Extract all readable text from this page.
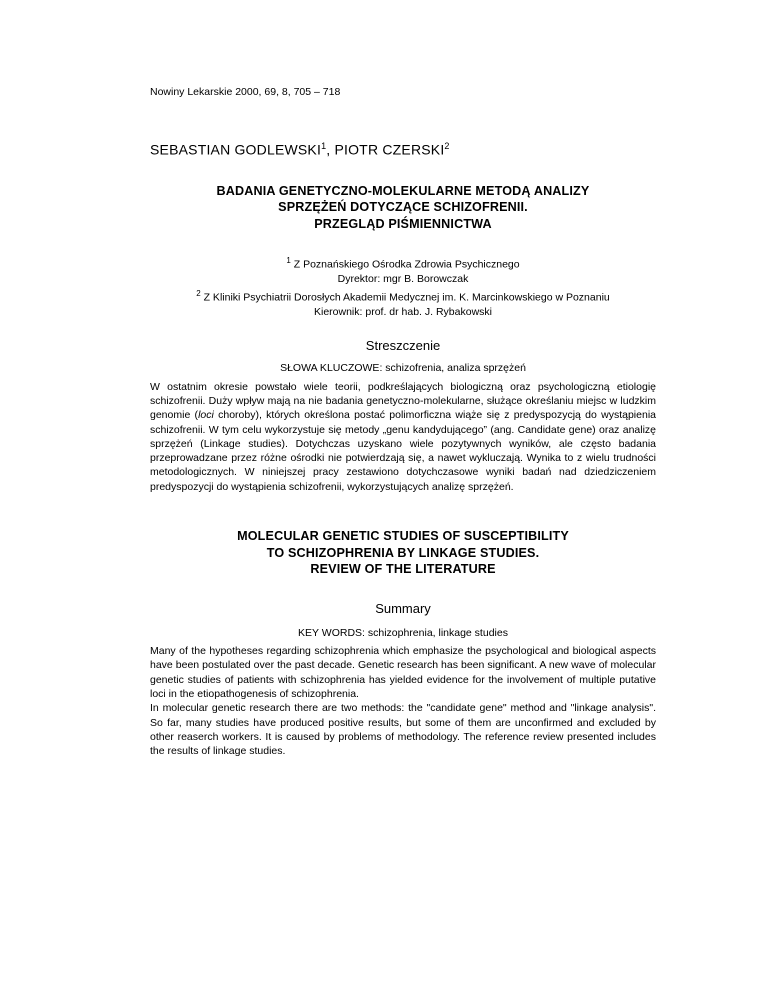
Nowiny Lekarskie 2000, 69, 8, 705 – 718
SEBASTIAN GODLEWSKI$^1$, PIOTR CZERSKI$^2$
BADANIA GENETYCZNO-MOLEKULARNE METODĄ ANALIZY
SPRZĘŻEŃ DOTYCZĄCE SCHIZOFRENII.
PRZEGLĄD PIŚMIENNICTWA
$^1$ Z Poznańskiego Ośrodka Zdrowia Psychicznego
Dyrektor: mgr B. Borowczak
$^2$ Z Kliniki Psychiatrii Dorosłych Akademii Medycznej im. K. Marcinkowskiego w Poznaniu
Kierownik: prof. dr hab. J. Rybakowski
Streszczenie
SŁOWA KLUCZOWE: schizofrenia, analiza sprzężeń

W ostatnim okresie powstało wiele teorii, podkreślających biologiczną oraz psychologiczną etiologię schizofrenii. Duży wpływ mają na nie badania genetyczno-molekularne, służące określaniu miejsc w ludzkim genomie (loci choroby), których określona postać polimorficzna wiąże się z predyspozycją do wystąpienia schizofrenii. W tym celu wykorzystuje się metody „genu kandydującego” (ang. Candidate gene) oraz analizę sprzężeń (Linkage studies). Dotychczas uzyskano wiele pozytywnych wyników, ale często badania przeprowadzane przez różne ośrodki nie potwierdzają się, a nawet wykluczają. Wynika to z wielu trudności metodologicznych. W niniejszej pracy zestawiono dotychczasowe wyniki badań nad dziedziczeniem predyspozycji do wystąpienia schizofrenii, wykorzystujących analizę sprzężeń.

MOLECULAR GENETIC STUDIES OF SUSCEPTIBILITY
TO SCHIZOPHRENIA BY LINKAGE STUDIES.
REVIEW OF THE LITERATURE
Summary
KEY WORDS: schizophrenia, linkage studies

Many of the hypotheses regarding schizophrenia which emphasize the psychological and biological aspects have been postulated over the past decade. Genetic research has been significant. A new wave of molecular genetic studies of patients with schizophrenia has yielded evidence for the involvement of multiple putative loci in the etiopathogenesis of schizophrenia.

In molecular genetic research there are two methods: the "candidate gene" method and "linkage analysis". So far, many studies have produced positive results, but some of them are unconfirmed and excluded by other reaserch workers. It is caused by problems of methodology. The reference review presented includes the results of linkage studies.
